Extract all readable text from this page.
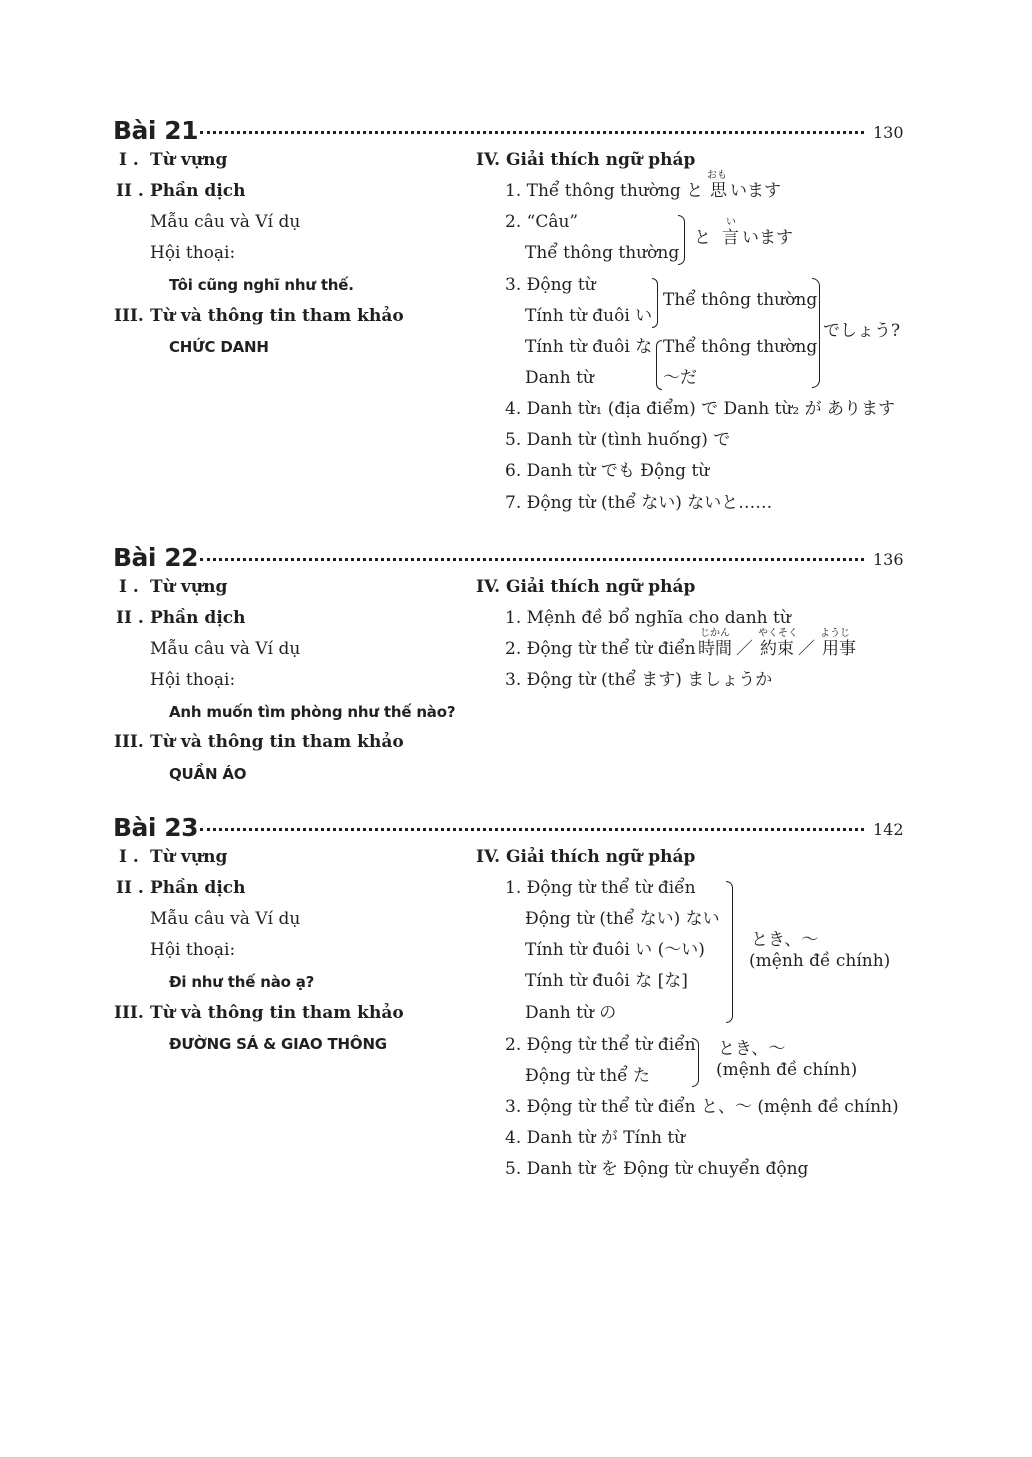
Bài 21	130
I . Từ vựng
II . Phần dịch
Mẫu câu và Ví dụ
Hội thoại:
Tôi cũng nghĩ như thế.
III. Từ và thông tin tham khảo
CHỨC DANH
IV. Giải thích ngữ pháp
1. Thể thông thường と 思
おも
います
2. “Câu”
Thể thông thường
と 言
い
います
3. Động từ
Tính từ đuôi い
Tính từ đuôi な
Danh từ
Thể thông thường
Thể thông thường
～だ
でしょう?
4. Danh từ₁ (địa điểm) で Danh từ₂ が あります
5. Danh từ (tình huống) で
6. Danh từ でも Động từ
7. Động từ (thể ない) ないと……
Bài 22	136
I . Từ vựng
II . Phần dịch
Mẫu câu và Ví dụ
Hội thoại:
Anh muốn tìm phòng như thế nào?
III. Từ và thông tin tham khảo
QUẦN ÁO
IV. Giải thích ngữ pháp
1. Mệnh đề bổ nghĩa cho danh từ
2. Động từ thể từ điển
じかん
時間 ／
やくそく
約束 ／
ようじ
用事
3. Động từ (thể ます) ましょうか
Bài 23	142
I . Từ vựng
II . Phần dịch
Mẫu câu và Ví dụ
Hội thoại:
Đi như thế nào ạ?
III. Từ và thông tin tham khảo
ĐƯỜNG SÁ & GIAO THÔNG
IV. Giải thích ngữ pháp
1. Động từ thể từ điển
Động từ (thể ない) ない
Tính từ đuôi い (～い)
Tính từ đuôi な [な]
Danh từ の
とき、～
(mệnh đề chính)
2. Động từ thể từ điển
Động từ thể た
とき、～
(mệnh đề chính)
3. Động từ thể từ điển と、～ (mệnh đề chính)
4. Danh từ が Tính từ
5. Danh từ を Động từ chuyển động
